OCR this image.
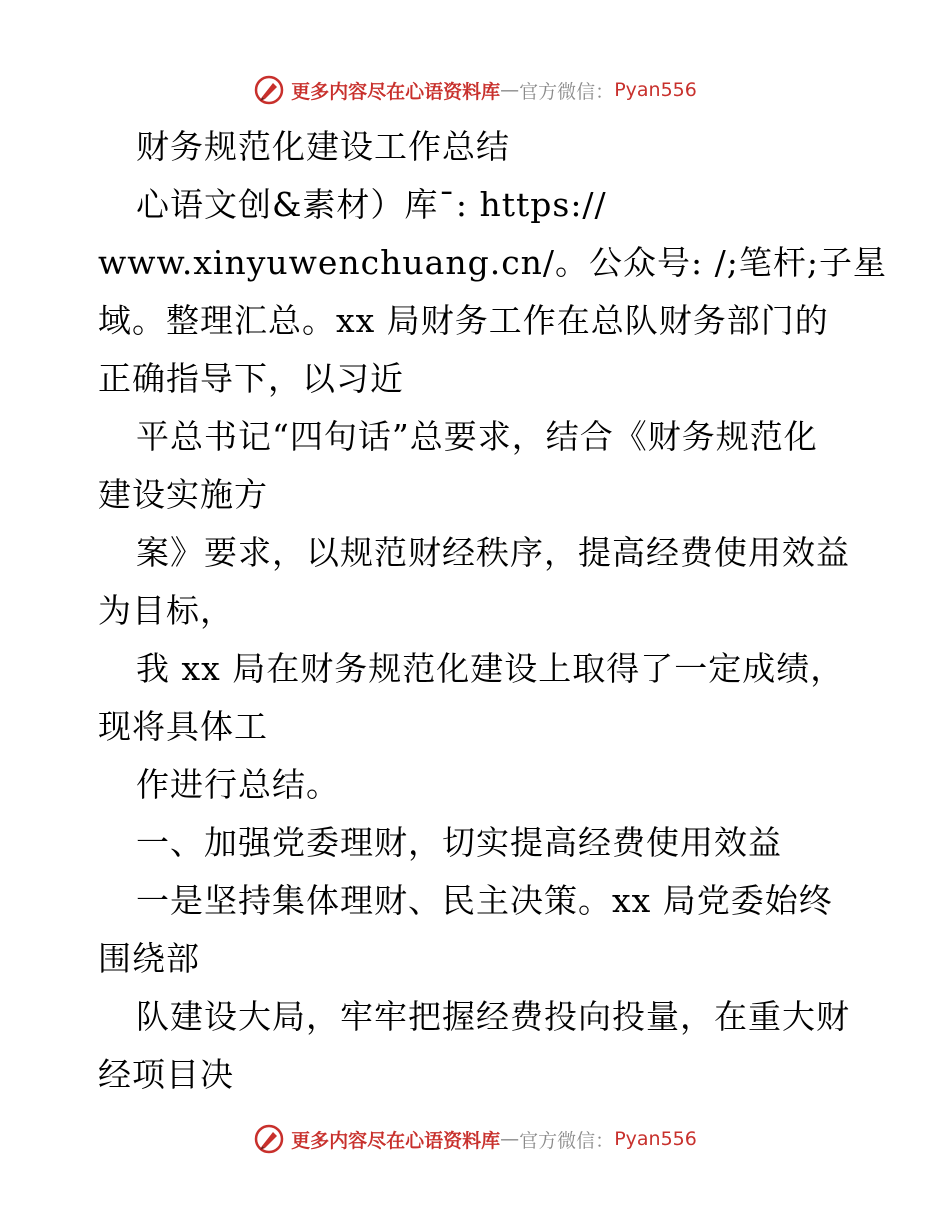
更多内容尽在心语资料库 — 官方微信： Pyan556
财务规范化建设工作总结
心语文创&素材）库¯: https://
www.xinyuwenchuang.cn/。公众号: /;笔杆;子星
域。整理汇总。xx 局财务工作在总队财务部门的
正确指导下，以习近
平总书记“四句话”总要求，结合《财务规范化
建设实施方
案》要求，以规范财经秩序，提高经费使用效益
为目标，
我 xx 局在财务规范化建设上取得了一定成绩，
现将具体工
作进行总结。
一、加强党委理财，切实提高经费使用效益
一是坚持集体理财、民主决策。xx 局党委始终
围绕部
队建设大局，牢牢把握经费投向投量，在重大财
经项目决
更多内容尽在心语资料库 — 官方微信： Pyan556
